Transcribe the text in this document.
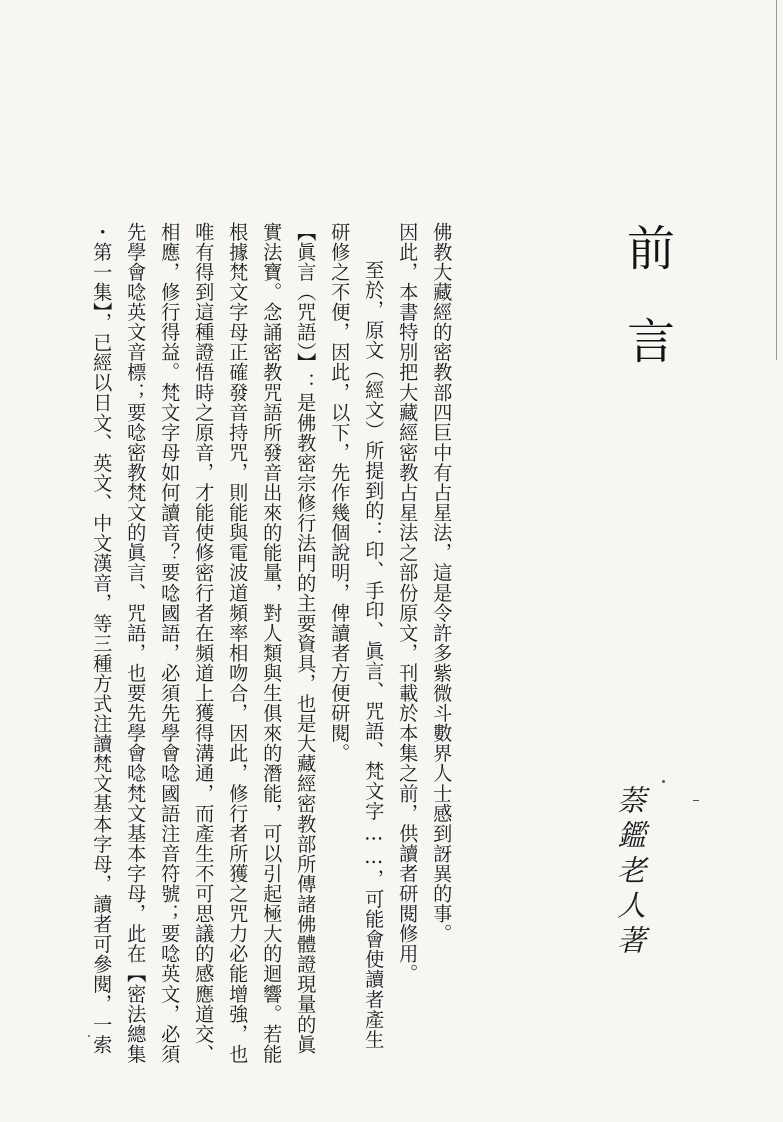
前
言
萘鑑老人著
佛教大藏經的密教部四巨中有占星法，這是令許多紫微斗數界人士感到訝異的事。
因此，本書特別把大藏經密教占星法之部份原文，刊載於本集之前，供讀者研閱修用。
至於，原文（經文）所提到的：印、手印、眞言、咒語、梵文字……，可能會使讀者產生
研修之不便，因此，以下，先作幾個說明，俾讀者方便研閱。
【眞言（咒語）】：是佛教密宗修行法門的主要資具，也是大藏經密教部所傳諸佛體證現量的眞
實法寶。念誦密教咒語所發音出來的能量，對人類與生俱來的潛能，可以引起極大的迴響。若能
根據梵文字母正確發音持咒，則能與電波道頻率相吻合，因此，修行者所獲之咒力必能增強，也
唯有得到這種證悟時之原音，才能使修密行者在頻道上獲得溝通，而產生不可思議的感應道交、
相應，修行得益。梵文字母如何讀音？要唸國語，必須先學會唸國語注音符號；要唸英文，必須
先學會唸英文音標；要唸密教梵文的眞言、咒語，也要先學會唸梵文基本字母，此在【密法總集
・第一集】，已經以日文、英文、中文漢音，等三種方式注讀梵文基本字母，讀者可參閱，一索
